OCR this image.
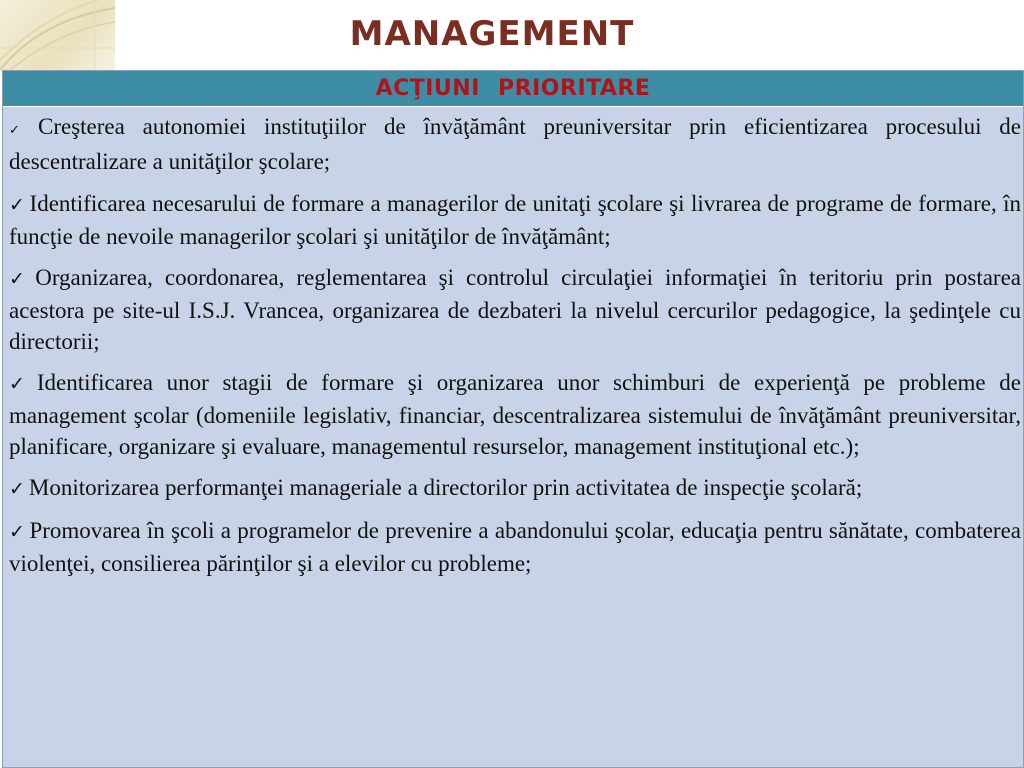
MANAGEMENT
ACŢIUNI PRIORITARE

✓ Creşterea autonomiei instituţiilor de învăţământ preuniversitar prin eficientizarea procesului de descentralizare a unităţilor şcolare;

✓ Identificarea necesarului de formare a managerilor de unitaţi şcolare şi livrarea de programe de formare, în funcţie de nevoile managerilor şcolari şi unităţilor de învăţământ;

✓ Organizarea, coordonarea, reglementarea şi controlul circulaţiei informaţiei în teritoriu prin postarea acestora pe site-ul I.S.J. Vrancea, organizarea de dezbateri la nivelul cercurilor pedagogice, la şedinţele cu directorii;

✓ Identificarea unor stagii de formare şi organizarea unor schimburi de experienţă pe probleme de management şcolar (domeniile legislativ, financiar, descentralizarea sistemului de învăţământ preuniversitar, planificare, organizare şi evaluare, managementul resurselor, management instituţional etc.);

✓ Monitorizarea performanţei manageriale a directorilor prin activitatea de inspecţie şcolară;

✓ Promovarea în şcoli a programelor de prevenire a abandonului şcolar, educaţia pentru sănătate, combaterea violenţei, consilierea părinţilor şi a elevilor cu probleme;
